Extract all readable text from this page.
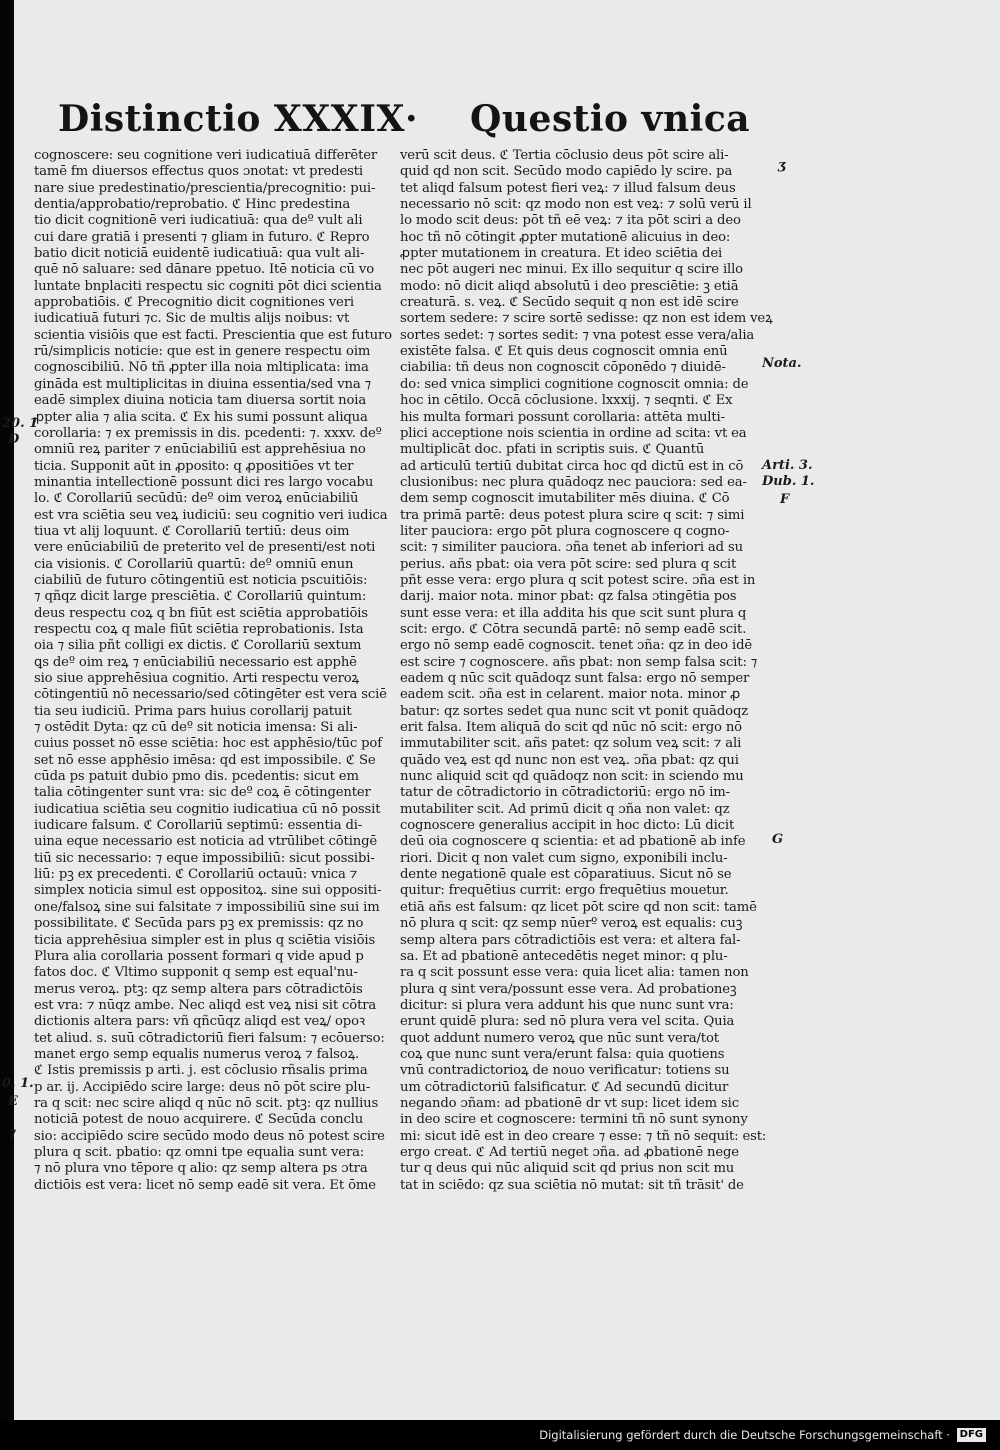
Distinctio XXXIX· Questio vnica
cognoscere: seu cognitione veri iudicatiuā differēter
tamē fm diuersos effectus quos ɔnotat: vt predesti
nare siue predestinatio/prescientia/precognitio: pui-
dentia/approbatio/reprobatio. ℭ Hinc predestina
tio dicit cognitionē veri iudicatiuā: qua deº vult ali
cui dare gratiā i presenti ⁊ gliam in futuro. ℭ Repro
batio dicit noticiā euidentē iudicatiuā: qua vult ali-
quē nō saluare: sed dānare ppetuo. Itē noticia cū vo
luntate bnplaciti respectu sic cogniti pōt dici scientia
approbatiōis. ℭ Precognitio dicit cognitiones veri
iudicatiuā futuri ⁊c. Sic de multis alijs noibus: vt
scientia visiōis que est facti. Prescientia que est futuro
rū/simplicis noticie: que est in genere respectu oim
cognoscibiliū. Nō tñ ꝓpter illa noia mltiplicata: ima
gināda est multiplicitas in diuina essentia/sed vna ⁊
eadē simplex diuina noticia tam diuersa sortit noia
ꝓpter alia ⁊ alia scita. ℭ Ex his sumi possunt aliqua
corollaria: ⁊ ex premissis in dis. pcedenti: ⁊. xxxv. deº
omniū reꝝ pariter ⁊ enūciabiliū est apprehēsiua no
ticia. Supponit aūt in ꝓposito: q ꝓpositiōes vt ter
minantia intellectionē possunt dici res largo vocabu
lo. ℭ Corollariū secūdū: deº oim veroꝝ enūciabiliū
est vra sciētia seu veꝝ iudiciū: seu cognitio veri iudica
tiua vt alij loquunt. ℭ Corollariū tertiū: deus oim
vere enūciabiliū de preterito vel de presenti/est noti
cia visionis. ℭ Corollariū quartū: deº omniū enun
ciabiliū de futuro cōtingentiū est noticia pscuitiōis:
⁊ qñqz dicit large presciētia. ℭ Corollariū quintum:
deus respectu coꝝ q bn fiūt est sciētia approbatiōis
respectu coꝝ q male fiūt sciētia reprobationis. Ista
oia ⁊ silia pñt colligi ex dictis. ℭ Corollariū sextum
ꝗs deº oim reꝝ ⁊ enūciabiliū necessario est apphē
sio siue apprehēsiua cognitio. Arti respectu veroꝝ
cōtingentiū nō necessario/sed cōtingēter est vera sciē
tia seu iudiciū. Prima pars huius corollarij patuit
⁊ ostēdit Dyta: qz cū deº sit noticia imensa: Si ali-
cuius posset nō esse sciētia: hoc est apphēsio/tūc pof
set nō esse apphēsio imēsa: qd est impossibile. ℭ Se
cūda ps patuit dubio pmo dis. pcedentis: sicut em
talia cōtingenter sunt vra: sic deº coꝝ ē cōtingenter
iudicatiua sciētia seu cognitio iudicatiua cū nō possit
iudicare falsum. ℭ Corollariū septimū: essentia di-
uina eque necessario est noticia ad vtrūlibet cōtingē
tiū sic necessario: ⁊ eque impossibiliū: sicut possibi-
liū: pꝫ ex precedenti. ℭ Corollariū octauū: vnica ⁊
simplex noticia simul est oppositoꝝ. sine sui oppositi-
one/falsoꝝ sine sui falsitate ⁊ impossibiliū sine sui im
possibilitate. ℭ Secūda pars pꝫ ex premissis: qz no
ticia apprehēsiua simpler est in plus q sciētia visiōis
Plura alia corollaria possent formari q vide apud p
fatos doc. ℭ Vltimo supponit q semp est equal'nu-
merus veroꝝ. ptꝫ: qz semp altera pars cōtradictōis
est vra: ⁊ nūqz ambe. Nec aliqd est veꝝ nisi sit cōtra
dictionis altera pars: vñ qñcūqz aliqd est veꝝ/ opoꝛ
tet aliud. s. suū cōtradictoriū fieri falsum: ⁊ ecōuerso:
manet ergo semp equalis numerus veroꝝ ⁊ falsoꝝ.
ℭ Istis premissis p arti. j. est cōclusio rñsalis prima
p ar. ij. Accipiēdo scire large: deus nō pōt scire plu-
ra q scit: nec scire aliqd q nūc nō scit. ptꝫ: qz nullius
noticiā potest de nouo acquirere. ℭ Secūda conclu
sio: accipiēdo scire secūdo modo deus nō potest scire
plura q scit. pbatio: qz omni tpe equalia sunt vera:
⁊ nō plura vno tēpore q alio: qz semp altera ps ɔtra
dictiōis est vera: licet nō semp eadē sit vera. Et ōme
verū scit deus. ℭ Tertia cōclusio deus pōt scire ali-
quid qd non scit. Secūdo modo capiēdo ly scire. pa
tet aliqd falsum potest fieri veꝝ: ⁊ illud falsum deus
necessario nō scit: qz modo non est veꝝ: ⁊ solū verū il
lo modo scit deus: pōt tñ eē veꝝ: ⁊ ita pōt sciri a deo
hoc tñ nō cōtingit ꝓpter mutationē alicuius in deo:
ꝓpter mutationem in creatura. Et ideo sciētia dei
nec pōt augeri nec minui. Ex illo sequitur q scire illo
modo: nō dicit aliqd absolutū i deo presciētie: ꝫ etiā
creaturā. s. veꝝ. ℭ Secūdo sequit q non est idē scire
sortem sedere: ⁊ scire sortē sedisse: qz non est idem veꝝ
sortes sedet: ⁊ sortes sedit: ⁊ vna potest esse vera/alia
existēte falsa. ℭ Et ꝗuis deus cognoscit omnia enū
ciabilia: tñ deus non cognoscit cōponēdo ⁊ diuidē-
do: sed vnica simplici cognitione cognoscit omnia: de
hoc in cētilo. Occā cōclusione. lxxxij. ⁊ seqnti. ℭ Ex
his multa formari possunt corollaria: attēta multi-
plici acceptione nois scientia in ordine ad scita: vt ea
multiplicāt doc. pfati in scriptis suis. ℭ Quantū
ad articulū tertiū dubitat circa hoc qd dictū est in cō
clusionibus: nec plura quādoqz nec pauciora: sed ea-
dem semp cognoscit imutabiliter mēs diuina. ℭ Cō
tra primā partē: deus potest plura scire q scit: ⁊ simi
liter pauciora: ergo pōt plura cognoscere q cogno-
scit: ⁊ similiter pauciora. ɔña tenet ab inferiori ad su
perius. añs pbat: oia vera pōt scire: sed plura q scit
pñt esse vera: ergo plura q scit potest scire. ɔña est in
darij. maior nota. minor pbat: qz falsa ɔtingētia pos
sunt esse vera: et illa addita his que scit sunt plura q
scit: ergo. ℭ Cōtra secundā partē: nō semp eadē scit.
ergo nō semp eadē cognoscit. tenet ɔña: qz in deo idē
est scire ⁊ cognoscere. añs pbat: non semp falsa scit: ⁊
eadem q nūc scit quādoqz sunt falsa: ergo nō semper
eadem scit. ɔña est in celarent. maior nota. minor ꝓ
batur: qz sortes sedet qua nunc scit vt ponit quādoqz
erit falsa. Item aliquā do scit qd nūc nō scit: ergo nō
immutabiliter scit. añs patet: qz solum veꝝ scit: ⁊ ali
quādo veꝝ est qd nunc non est veꝝ. ɔña pbat: qz qui
nunc aliquid scit qd quādoqz non scit: in sciendo mu
tatur de cōtradictorio in cōtradictoriū: ergo nō im-
mutabiliter scit. Ad primū dicit q ɔña non valet: qz
cognoscere generalius accipit in hoc dicto: Lū dicit
deū oia cognoscere q scientia: et ad pbationē ab infe
riori. Dicit q non valet cum signo, exponibili inclu-
dente negationē quale est cōparatiuus. Sicut nō se
quitur: frequētius currit: ergo frequētius mouetur.
etiā añs est falsum: qz licet pōt scire qd non scit: tamē
nō plura q scit: qz semp nūerº veroꝝ est equalis: cuꝫ
semp altera pars cōtradictiōis est vera: et altera fal-
sa. Et ad pbationē antecedētis neget minor: q plu-
ra q scit possunt esse vera: quia licet alia: tamen non
plura q sint vera/possunt esse vera. Ad probationeꝫ
dicitur: si plura vera addunt his que nunc sunt vra:
erunt quidē plura: sed nō plura vera vel scita. Quia
quot addunt numero veroꝝ que nūc sunt vera/tot
coꝝ que nunc sunt vera/erunt falsa: quia quotiens
vnū contradictorioꝝ de nouo verificatur: totiens su
um cōtradictoriū falsificatur. ℭ Ad secundū dicitur
negando ɔñam: ad pbationē dr vt sup: licet idem sic
in deo scire et cognoscere: termini tñ nō sunt synony
mi: sicut idē est in deo creare ⁊ esse: ⁊ tñ nō sequit: est:
ergo creat. ℭ Ad tertiū neget ɔña. ad ꝓbationē nege
tur q deus qui nūc aliquid scit qd prius non scit mu
tat in sciēdo: qz sua sciētia nō mutat: sit tñ trāsit' de
ʒ
Nota.
Arti. 3.
Dub. 1.
F
G
20. 1
D
0. 1.
E
⁊
Digitalisierung gefördert durch die Deutsche Forschungsgemeinschaft · DFG
